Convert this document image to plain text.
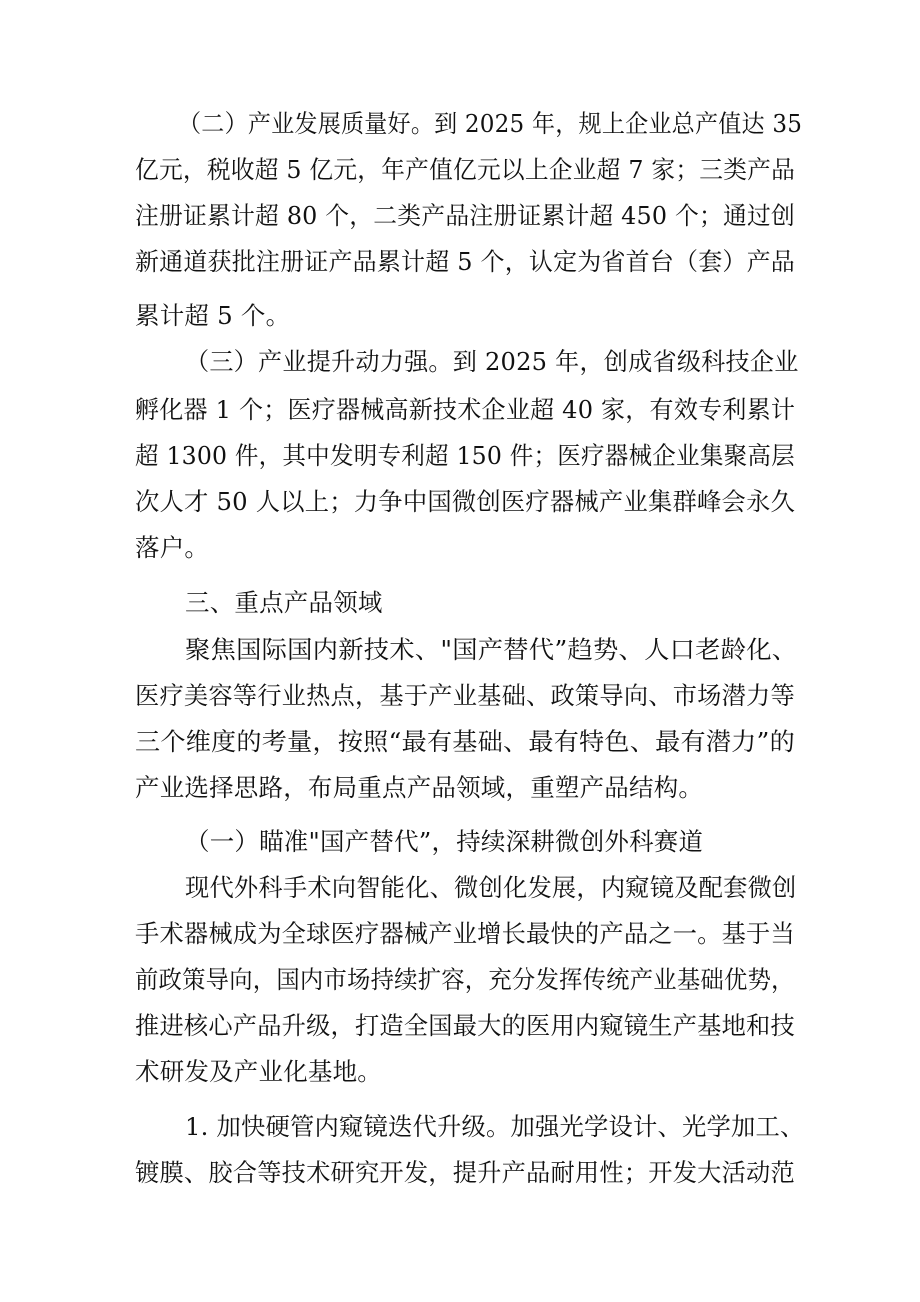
（二）产业发展质量好。到 2025 年，规上企业总产值达 35
亿元，税收超 5 亿元，年产值亿元以上企业超 7 家；三类产品
注册证累计超 80 个，二类产品注册证累计超 450 个；通过创
新通道获批注册证产品累计超 5 个，认定为省首台（套）产品
累计超 5 个。
（三）产业提升动力强。到 2025 年，创成省级科技企业
孵化器 1 个；医疗器械高新技术企业超 40 家，有效专利累计
超 1300 件，其中发明专利超 150 件；医疗器械企业集聚高层
次人才 50 人以上；力争中国微创医疗器械产业集群峰会永久
落户。
三、重点产品领域
聚焦国际国内新技术、"国产替代”趋势、人口老龄化、
医疗美容等行业热点，基于产业基础、政策导向、市场潜力等
三个维度的考量，按照“最有基础、最有特色、最有潜力”的
产业选择思路，布局重点产品领域，重塑产品结构。
（一）瞄准"国产替代”，持续深耕微创外科赛道
现代外科手术向智能化、微创化发展，内窥镜及配套微创
手术器械成为全球医疗器械产业增长最快的产品之一。基于当
前政策导向，国内市场持续扩容，充分发挥传统产业基础优势，
推进核心产品升级，打造全国最大的医用内窥镜生产基地和技
术研发及产业化基地。
1. 加快硬管内窥镜迭代升级。加强光学设计、光学加工、
镀膜、胶合等技术研究开发，提升产品耐用性；开发大活动范
